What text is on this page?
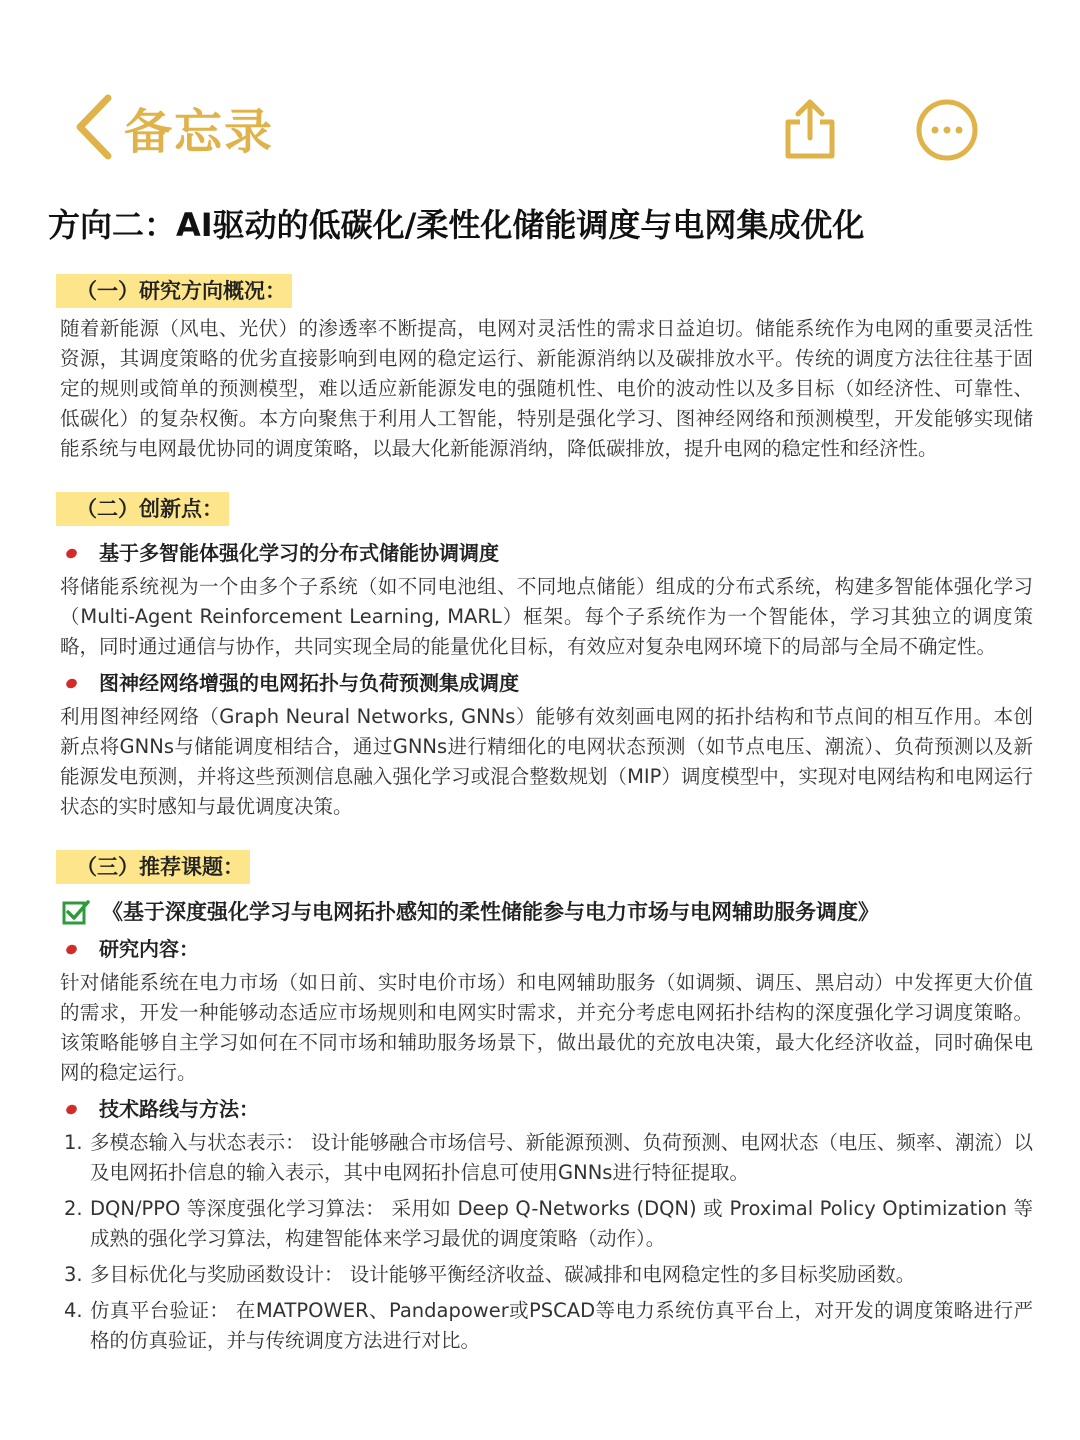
备忘录
方向二：AI驱动的低碳化/柔性化储能调度与电网集成优化
（一）研究方向概况：

随着新能源（风电、光伏）的渗透率不断提高，电网对灵活性的需求日益迫切。储能系统作为电网的重要灵活性资源，其调度策略的优劣直接影响到电网的稳定运行、新能源消纳以及碳排放水平。传统的调度方法往往基于固定的规则或简单的预测模型，难以适应新能源发电的强随机性、电价的波动性以及多目标（如经济性、可靠性、低碳化）的复杂权衡。本方向聚焦于利用人工智能，特别是强化学习、图神经网络和预测模型，开发能够实现储能系统与电网最优协同的调度策略，以最大化新能源消纳，降低碳排放，提升电网的稳定性和经济性。

（二）创新点：
基于多智能体强化学习的分布式储能协调调度

将储能系统视为一个由多个子系统（如不同电池组、不同地点储能）组成的分布式系统，构建多智能体强化学习（Multi-Agent Reinforcement Learning, MARL）框架。每个子系统作为一个智能体，学习其独立的调度策略，同时通过通信与协作，共同实现全局的能量优化目标，有效应对复杂电网环境下的局部与全局不确定性。

图神经网络增强的电网拓扑与负荷预测集成调度

利用图神经网络（Graph Neural Networks, GNNs）能够有效刻画电网的拓扑结构和节点间的相互作用。本创新点将GNNs与储能调度相结合，通过GNNs进行精细化的电网状态预测（如节点电压、潮流）、负荷预测以及新能源发电预测，并将这些预测信息融入强化学习或混合整数规划（MIP）调度模型中，实现对电网结构和电网运行状态的实时感知与最优调度决策。

（三）推荐课题：
《基于深度强化学习与电网拓扑感知的柔性储能参与电力市场与电网辅助服务调度》
研究内容：

针对储能系统在电力市场（如日前、实时电价市场）和电网辅助服务（如调频、调压、黑启动）中发挥更大价值的需求，开发一种能够动态适应市场规则和电网实时需求，并充分考虑电网拓扑结构的深度强化学习调度策略。该策略能够自主学习如何在不同市场和辅助服务场景下，做出最优的充放电决策，最大化经济收益，同时确保电网的稳定运行。

技术路线与方法：
1. 多模态输入与状态表示： 设计能够融合市场信号、新能源预测、负荷预测、电网状态（电压、频率、潮流）以及电网拓扑信息的输入表示，其中电网拓扑信息可使用GNNs进行特征提取。
2. DQN/PPO 等深度强化学习算法： 采用如 Deep Q-Networks (DQN) 或 Proximal Policy Optimization 等成熟的强化学习算法，构建智能体来学习最优的调度策略（动作）。
3. 多目标优化与奖励函数设计： 设计能够平衡经济收益、碳减排和电网稳定性的多目标奖励函数。
4. 仿真平台验证： 在MATPOWER、Pandapower或PSCAD等电力系统仿真平台上，对开发的调度策略进行严格的仿真验证，并与传统调度方法进行对比。
